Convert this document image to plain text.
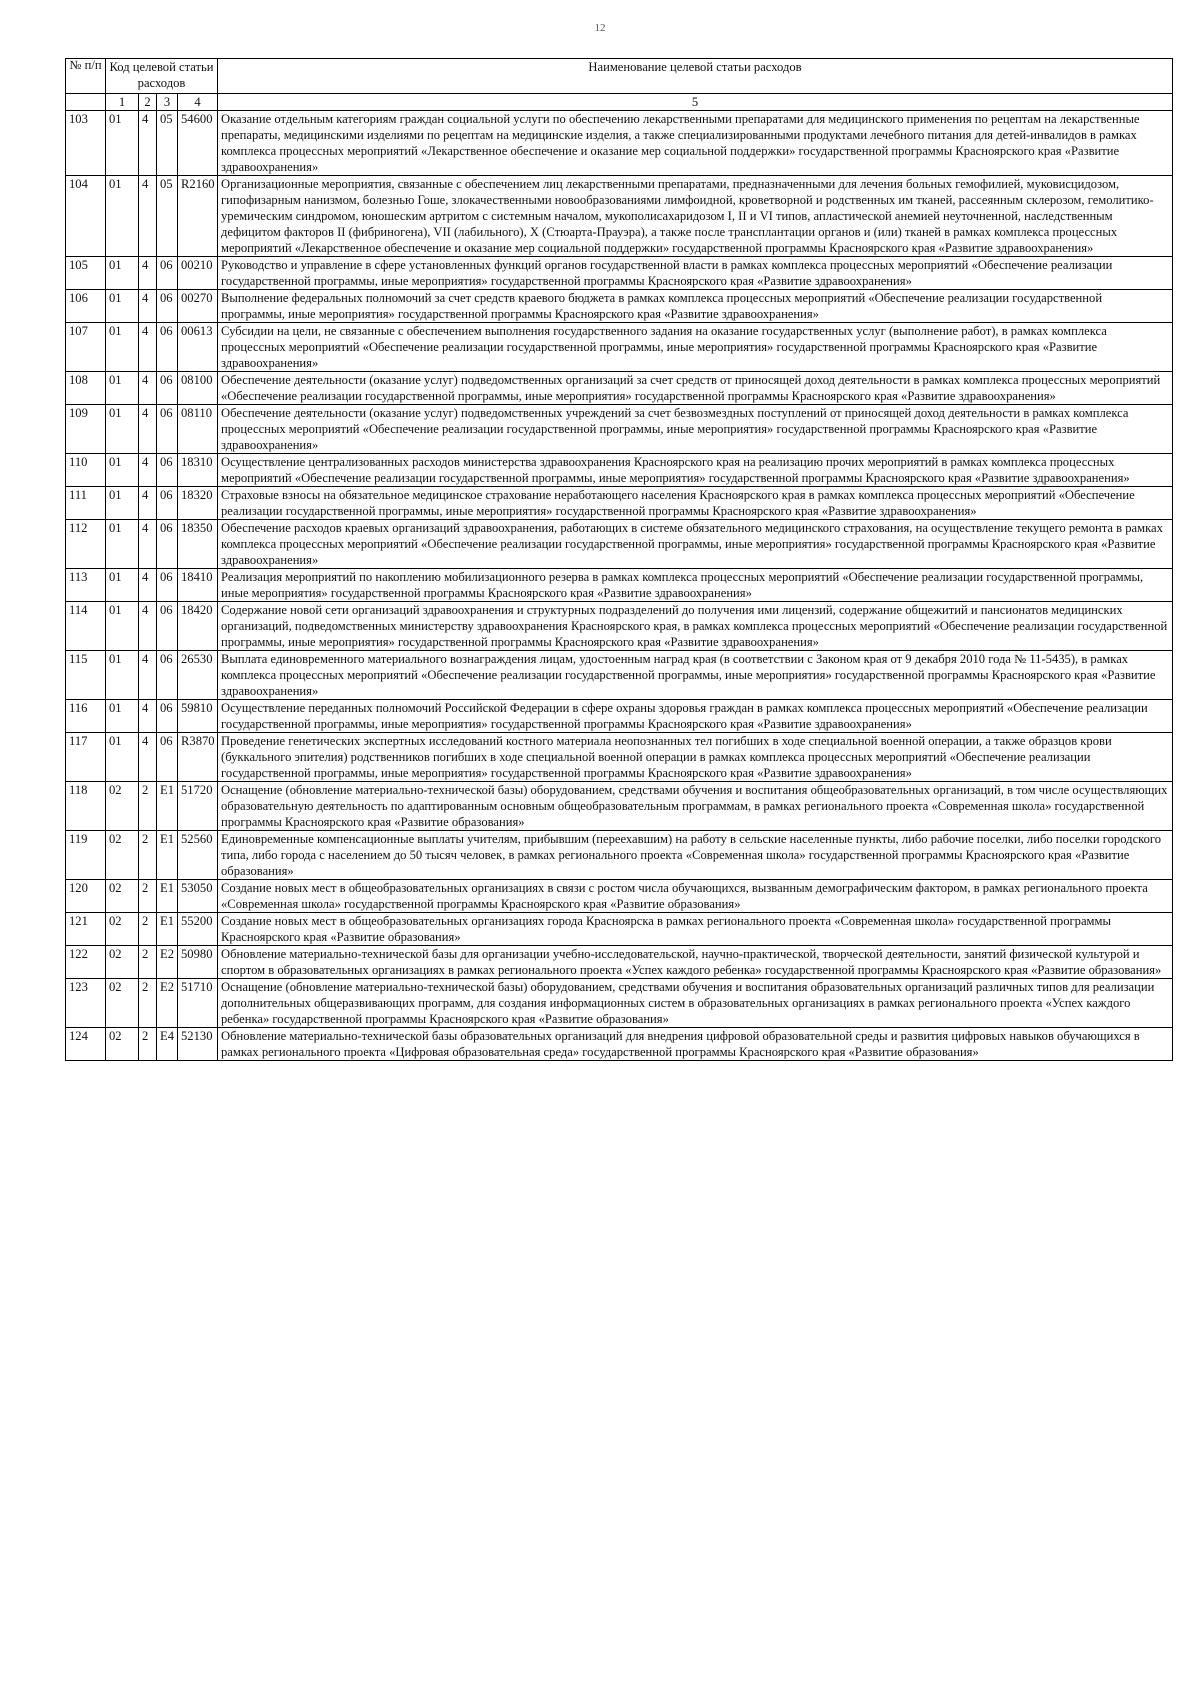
12
№ п/п	Код целевой статьи расходов				Наименование целевой статьи расходов
	1	2	3	4	5
103	01	4	05	54600	Оказание отдельным категориям граждан социальной услуги по обеспечению лекарственными препаратами для медицинского применения по рецептам на лекарственные препараты, медицинскими изделиями по рецептам на медицинские изделия, а также специализированными продуктами лечебного питания для детей-инвалидов в рамках комплекса процессных мероприятий «Лекарственное обеспечение и оказание мер социальной поддержки» государственной программы Красноярского края «Развитие здравоохранения»
104	01	4	05	R2160	Организационные мероприятия, связанные с обеспечением лиц лекарственными препаратами, предназначенными для лечения больных гемофилией, муковисцидозом, гипофизарным нанизмом, болезнью Гоше, злокачественными новообразованиями лимфоидной, кроветворной и родственных им тканей, рассеянным склерозом, гемолитико-уремическим синдромом, юношеским артритом с системным началом, мукополисахаридозом I, II и VI типов, апластической анемией неуточненной, наследственным дефицитом факторов II (фибриногена), VII (лабильного), X (Стюарта-Прауэра), а также после трансплантации органов и (или) тканей в рамках комплекса процессных мероприятий «Лекарственное обеспечение и оказание мер социальной поддержки» государственной программы Красноярского края «Развитие здравоохранения»
105	01	4	06	00210	Руководство и управление в сфере установленных функций органов государственной власти в рамках комплекса процессных мероприятий «Обеспечение реализации государственной программы, иные мероприятия» государственной программы Красноярского края «Развитие здравоохранения»
106	01	4	06	00270	Выполнение федеральных полномочий за счет средств краевого бюджета в рамках комплекса процессных мероприятий «Обеспечение реализации государственной программы, иные мероприятия» государственной программы Красноярского края «Развитие здравоохранения»
107	01	4	06	00613	Субсидии на цели, не связанные с обеспечением выполнения государственного задания на оказание государственных услуг (выполнение работ), в рамках комплекса процессных мероприятий «Обеспечение реализации государственной программы, иные мероприятия» государственной программы Красноярского края «Развитие здравоохранения»
108	01	4	06	08100	Обеспечение деятельности (оказание услуг) подведомственных организаций за счет средств от приносящей доход деятельности в рамках комплекса процессных мероприятий «Обеспечение реализации государственной программы, иные мероприятия» государственной программы Красноярского края «Развитие здравоохранения»
109	01	4	06	08110	Обеспечение деятельности (оказание услуг) подведомственных учреждений за счет безвозмездных поступлений от приносящей доход деятельности в рамках комплекса процессных мероприятий «Обеспечение реализации государственной программы, иные мероприятия» государственной программы Красноярского края «Развитие здравоохранения»
110	01	4	06	18310	Осуществление централизованных расходов министерства здравоохранения Красноярского края на реализацию прочих мероприятий в рамках комплекса процессных мероприятий «Обеспечение реализации государственной программы, иные мероприятия» государственной программы Красноярского края «Развитие здравоохранения»
111	01	4	06	18320	Страховые взносы на обязательное медицинское страхование неработающего населения Красноярского края в рамках комплекса процессных мероприятий «Обеспечение реализации государственной программы, иные мероприятия» государственной программы Красноярского края «Развитие здравоохранения»
112	01	4	06	18350	Обеспечение расходов краевых организаций здравоохранения, работающих в системе обязательного медицинского страхования, на осуществление текущего ремонта в рамках комплекса процессных мероприятий «Обеспечение реализации государственной программы, иные мероприятия» государственной программы Красноярского края «Развитие здравоохранения»
113	01	4	06	18410	Реализация мероприятий по накоплению мобилизационного резерва в рамках комплекса процессных мероприятий «Обеспечение реализации государственной программы, иные мероприятия» государственной программы Красноярского края «Развитие здравоохранения»
114	01	4	06	18420	Содержание новой сети организаций здравоохранения и структурных подразделений до получения ими лицензий, содержание общежитий и пансионатов медицинских организаций, подведомственных министерству здравоохранения Красноярского края, в рамках комплекса процессных мероприятий «Обеспечение реализации государственной программы, иные мероприятия» государственной программы Красноярского края «Развитие здравоохранения»
115	01	4	06	26530	Выплата единовременного материального вознаграждения лицам, удостоенным наград края (в соответствии с Законом края от 9 декабря 2010 года № 11-5435), в рамках комплекса процессных мероприятий «Обеспечение реализации государственной программы, иные мероприятия» государственной программы Красноярского края «Развитие здравоохранения»
116	01	4	06	59810	Осуществление переданных полномочий Российской Федерации в сфере охраны здоровья граждан в рамках комплекса процессных мероприятий «Обеспечение реализации государственной программы, иные мероприятия» государственной программы Красноярского края «Развитие здравоохранения»
117	01	4	06	R3870	Проведение генетических экспертных исследований костного материала неопознанных тел погибших в ходе специальной военной операции, а также образцов крови (буккального эпителия) родственников погибших в ходе специальной военной операции в рамках комплекса процессных мероприятий «Обеспечение реализации государственной программы, иные мероприятия» государственной программы Красноярского края «Развитие здравоохранения»
118	02	2	E1	51720	Оснащение (обновление материально-технической базы) оборудованием, средствами обучения и воспитания общеобразовательных организаций, в том числе осуществляющих образовательную деятельность по адаптированным основным общеобразовательным программам, в рамках регионального проекта «Современная школа» государственной программы Красноярского края «Развитие образования»
119	02	2	E1	52560	Единовременные компенсационные выплаты учителям, прибывшим (переехавшим) на работу в сельские населенные пункты, либо рабочие поселки, либо поселки городского типа, либо города с населением до 50 тысяч человек, в рамках регионального проекта «Современная школа» государственной программы Красноярского края «Развитие образования»
120	02	2	E1	53050	Создание новых мест в общеобразовательных организациях в связи с ростом числа обучающихся, вызванным демографическим фактором, в рамках регионального проекта «Современная школа» государственной программы Красноярского края «Развитие образования»
121	02	2	E1	55200	Создание новых мест в общеобразовательных организациях города Красноярска в рамках регионального проекта «Современная школа» государственной программы Красноярского края «Развитие образования»
122	02	2	E2	50980	Обновление материально-технической базы для организации учебно-исследовательской, научно-практической, творческой деятельности, занятий физической культурой и спортом в образовательных организациях в рамках регионального проекта «Успех каждого ребенка» государственной программы Красноярского края «Развитие образования»
123	02	2	E2	51710	Оснащение (обновление материально-технической базы) оборудованием, средствами обучения и воспитания образовательных организаций различных типов для реализации дополнительных общеразвивающих программ, для создания информационных систем в образовательных организациях в рамках регионального проекта «Успех каждого ребенка» государственной программы Красноярского края «Развитие образования»
124	02	2	E4	52130	Обновление материально-технической базы образовательных организаций для внедрения цифровой образовательной среды и развития цифровых навыков обучающихся в рамках регионального проекта «Цифровая образовательная среда» государственной программы Красноярского края «Развитие образования»
